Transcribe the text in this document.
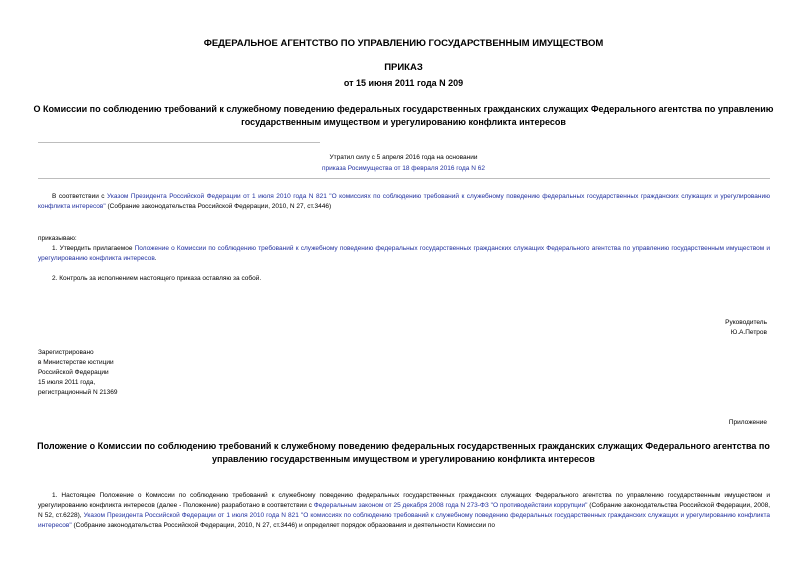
ФЕДЕРАЛЬНОЕ АГЕНТСТВО ПО УПРАВЛЕНИЮ ГОСУДАРСТВЕННЫМ ИМУЩЕСТВОМ
ПРИКАЗ
от 15 июня 2011 года N 209
О Комиссии по соблюдению требований к служебному поведению федеральных государственных гражданских служащих Федерального агентства по управлению государственным имуществом и урегулированию конфликта интересов
Утратил силу с 5 апреля 2016 года на основании
приказа Росимущества от 18 февраля 2016 года N 62
В соответствии с Указом Президента Российской Федерации от 1 июля 2010 года N 821 "О комиссиях по соблюдению требований к служебному поведению федеральных государственных гражданских служащих и урегулированию конфликта интересов" (Собрание законодательства Российской Федерации, 2010, N 27, ст.3446)
приказываю:
1. Утвердить прилагаемое Положение о Комиссии по соблюдению требований к служебному поведению федеральных государственных гражданских служащих Федерального агентства по управлению государственным имуществом и урегулированию конфликта интересов.
2. Контроль за исполнением настоящего приказа оставляю за собой.
Руководитель
Ю.А.Петров
Зарегистрировано
в Министерстве юстиции
Российской Федерации
15 июля 2011 года,
регистрационный N 21369
Приложение
Положение о Комиссии по соблюдению требований к служебному поведению федеральных государственных гражданских служащих Федерального агентства по управлению государственным имуществом и урегулированию конфликта интересов
1. Настоящее Положение о Комиссии по соблюдению требований к служебному поведению федеральных государственных гражданских служащих Федерального агентства по управлению государственным имуществом и урегулированию конфликта интересов (далее - Положение) разработано в соответствии с Федеральным законом от 25 декабря 2008 года N 273-ФЗ "О противодействии коррупции" (Собрание законодательства Российской Федерации, 2008, N 52, ст.6228), Указом Президента Российской Федерации от 1 июля 2010 года N 821 "О комиссиях по соблюдению требований к служебному поведению федеральных государственных гражданских служащих и урегулированию конфликта интересов" (Собрание законодательства Российской Федерации, 2010, N 27, ст.3446) и определяет порядок образования и деятельности Комиссии по
